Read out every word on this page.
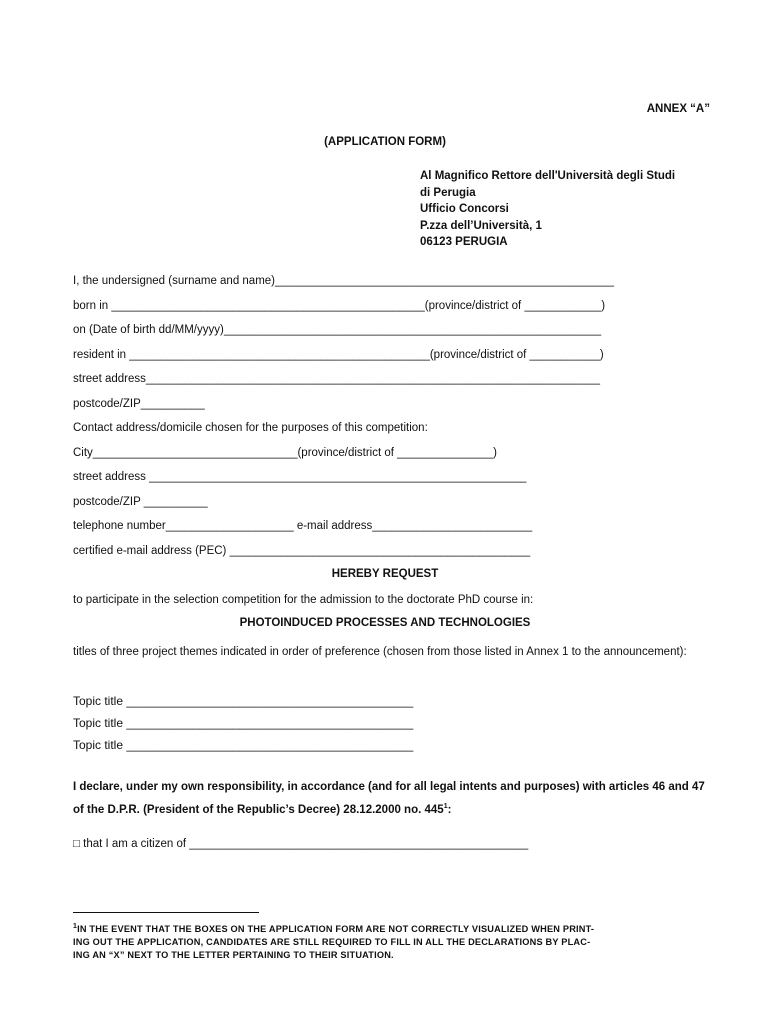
ANNEX “A”
(APPLICATION FORM)
Al Magnifico Rettore dell'Università degli Studi
di Perugia
Ufficio Concorsi
P.zza dell’Università, 1
06123 PERUGIA
I, the undersigned (surname and name)_____________________________________________________
born in _________________________________________________(province/district of ____________)
on (Date of birth dd/MM/yyyy)___________________________________________________________
resident in _______________________________________________(province/district of ___________)
street address_______________________________________________________________________
postcode/ZIP__________
Contact address/domicile chosen for the purposes of this competition:
City________________________________(province/district of _______________)
street address ___________________________________________________________
postcode/ZIP __________
telephone number____________________ e-mail address_________________________
certified e-mail address (PEC) _______________________________________________
HEREBY REQUEST
to participate in the selection competition for the admission to the doctorate PhD course in:
PHOTOINDUCED PROCESSES AND TECHNOLOGIES
titles of three project themes indicated in order of preference (chosen from those listed in Annex 1 to the announcement):
Topic title ___________________________________________
Topic title ___________________________________________
Topic title ___________________________________________
I declare, under my own responsibility, in accordance (and for all legal intents and purposes) with articles 46 and 47 of the D.P.R. (President of the Republic’s Decree) 28.12.2000 no. $445^1$:
□ that I am a citizen of _____________________________________________________
$^1$IN THE EVENT THAT THE BOXES ON THE APPLICATION FORM ARE NOT CORRECTLY VISUALIZED WHEN PRINT-
ING OUT THE APPLICATION, CANDIDATES ARE STILL REQUIRED TO FILL IN ALL THE DECLARATIONS BY PLAC-
ING AN “X” NEXT TO THE LETTER PERTAINING TO THEIR SITUATION.
